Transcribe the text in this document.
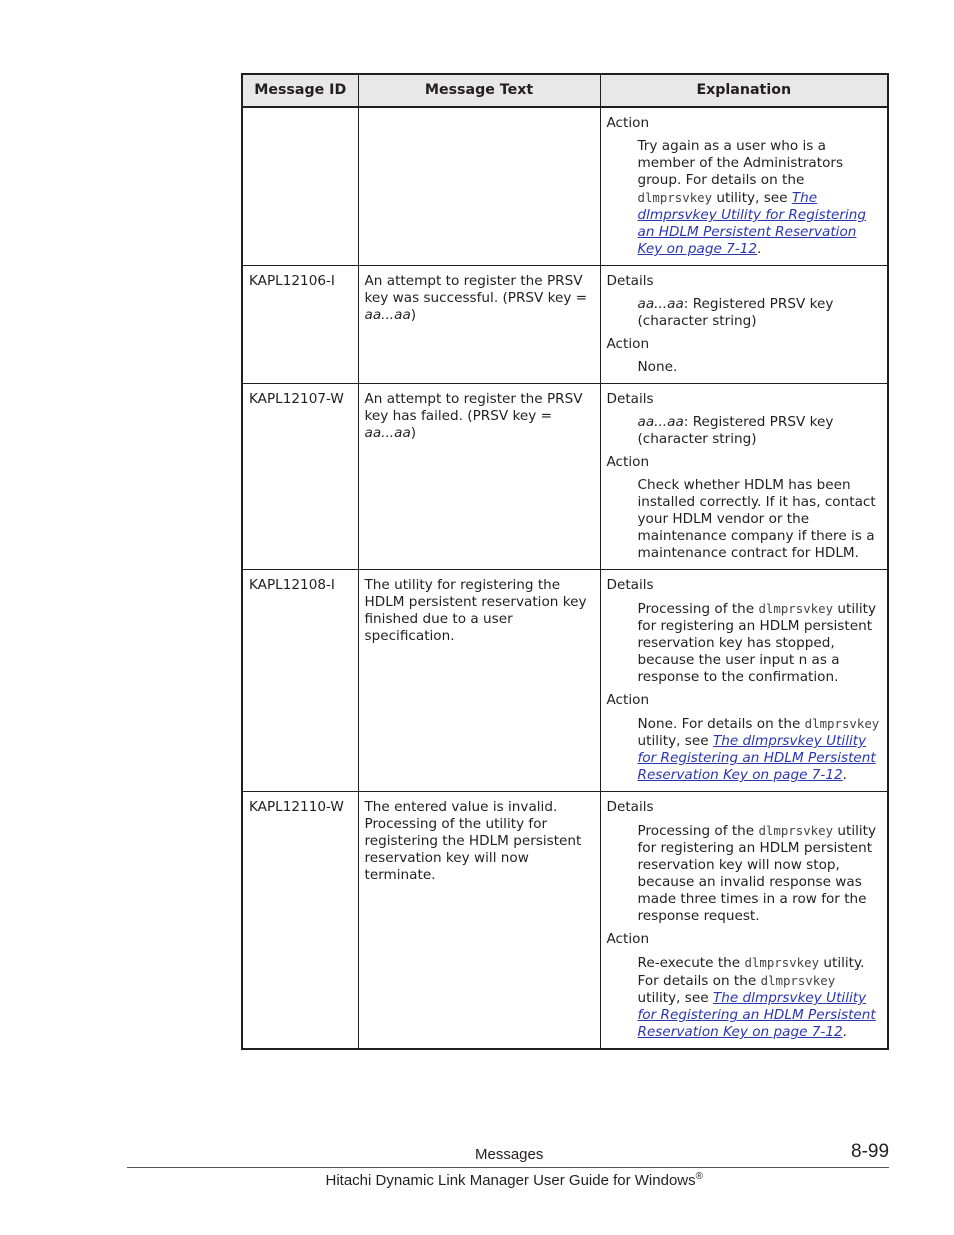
Message ID	Message Text	Explanation

		Action
Try again as a user who is a member of the Administrators group. For details on the dlmprsvkey utility, see The dlmprsvkey Utility for Registering an HDLM Persistent Reservation Key on page 7-12.

KAPL12106-I	An attempt to register the PRSV key was successful. (PRSV key = aa...aa)	Details
aa...aa: Registered PRSV key (character string)
Action
None.

KAPL12107-W	An attempt to register the PRSV key has failed. (PRSV key = aa...aa)	Details
aa...aa: Registered PRSV key (character string)
Action
Check whether HDLM has been installed correctly. If it has, contact your HDLM vendor or the maintenance company if there is a maintenance contract for HDLM.

KAPL12108-I	The utility for registering the HDLM persistent reservation key finished due to a user specification.	Details
Processing of the dlmprsvkey utility for registering an HDLM persistent reservation key has stopped, because the user input n as a response to the confirmation.
Action
None. For details on the dlmprsvkey utility, see The dlmprsvkey Utility for Registering an HDLM Persistent Reservation Key on page 7-12.

KAPL12110-W	The entered value is invalid. Processing of the utility for registering the HDLM persistent reservation key will now terminate.	Details
Processing of the dlmprsvkey utility for registering an HDLM persistent reservation key will now stop, because an invalid response was made three times in a row for the response request.
Action
Re-execute the dlmprsvkey utility. For details on the dlmprsvkey utility, see The dlmprsvkey Utility for Registering an HDLM Persistent Reservation Key on page 7-12.
Messages	8-99
Hitachi Dynamic Link Manager User Guide for Windows®
